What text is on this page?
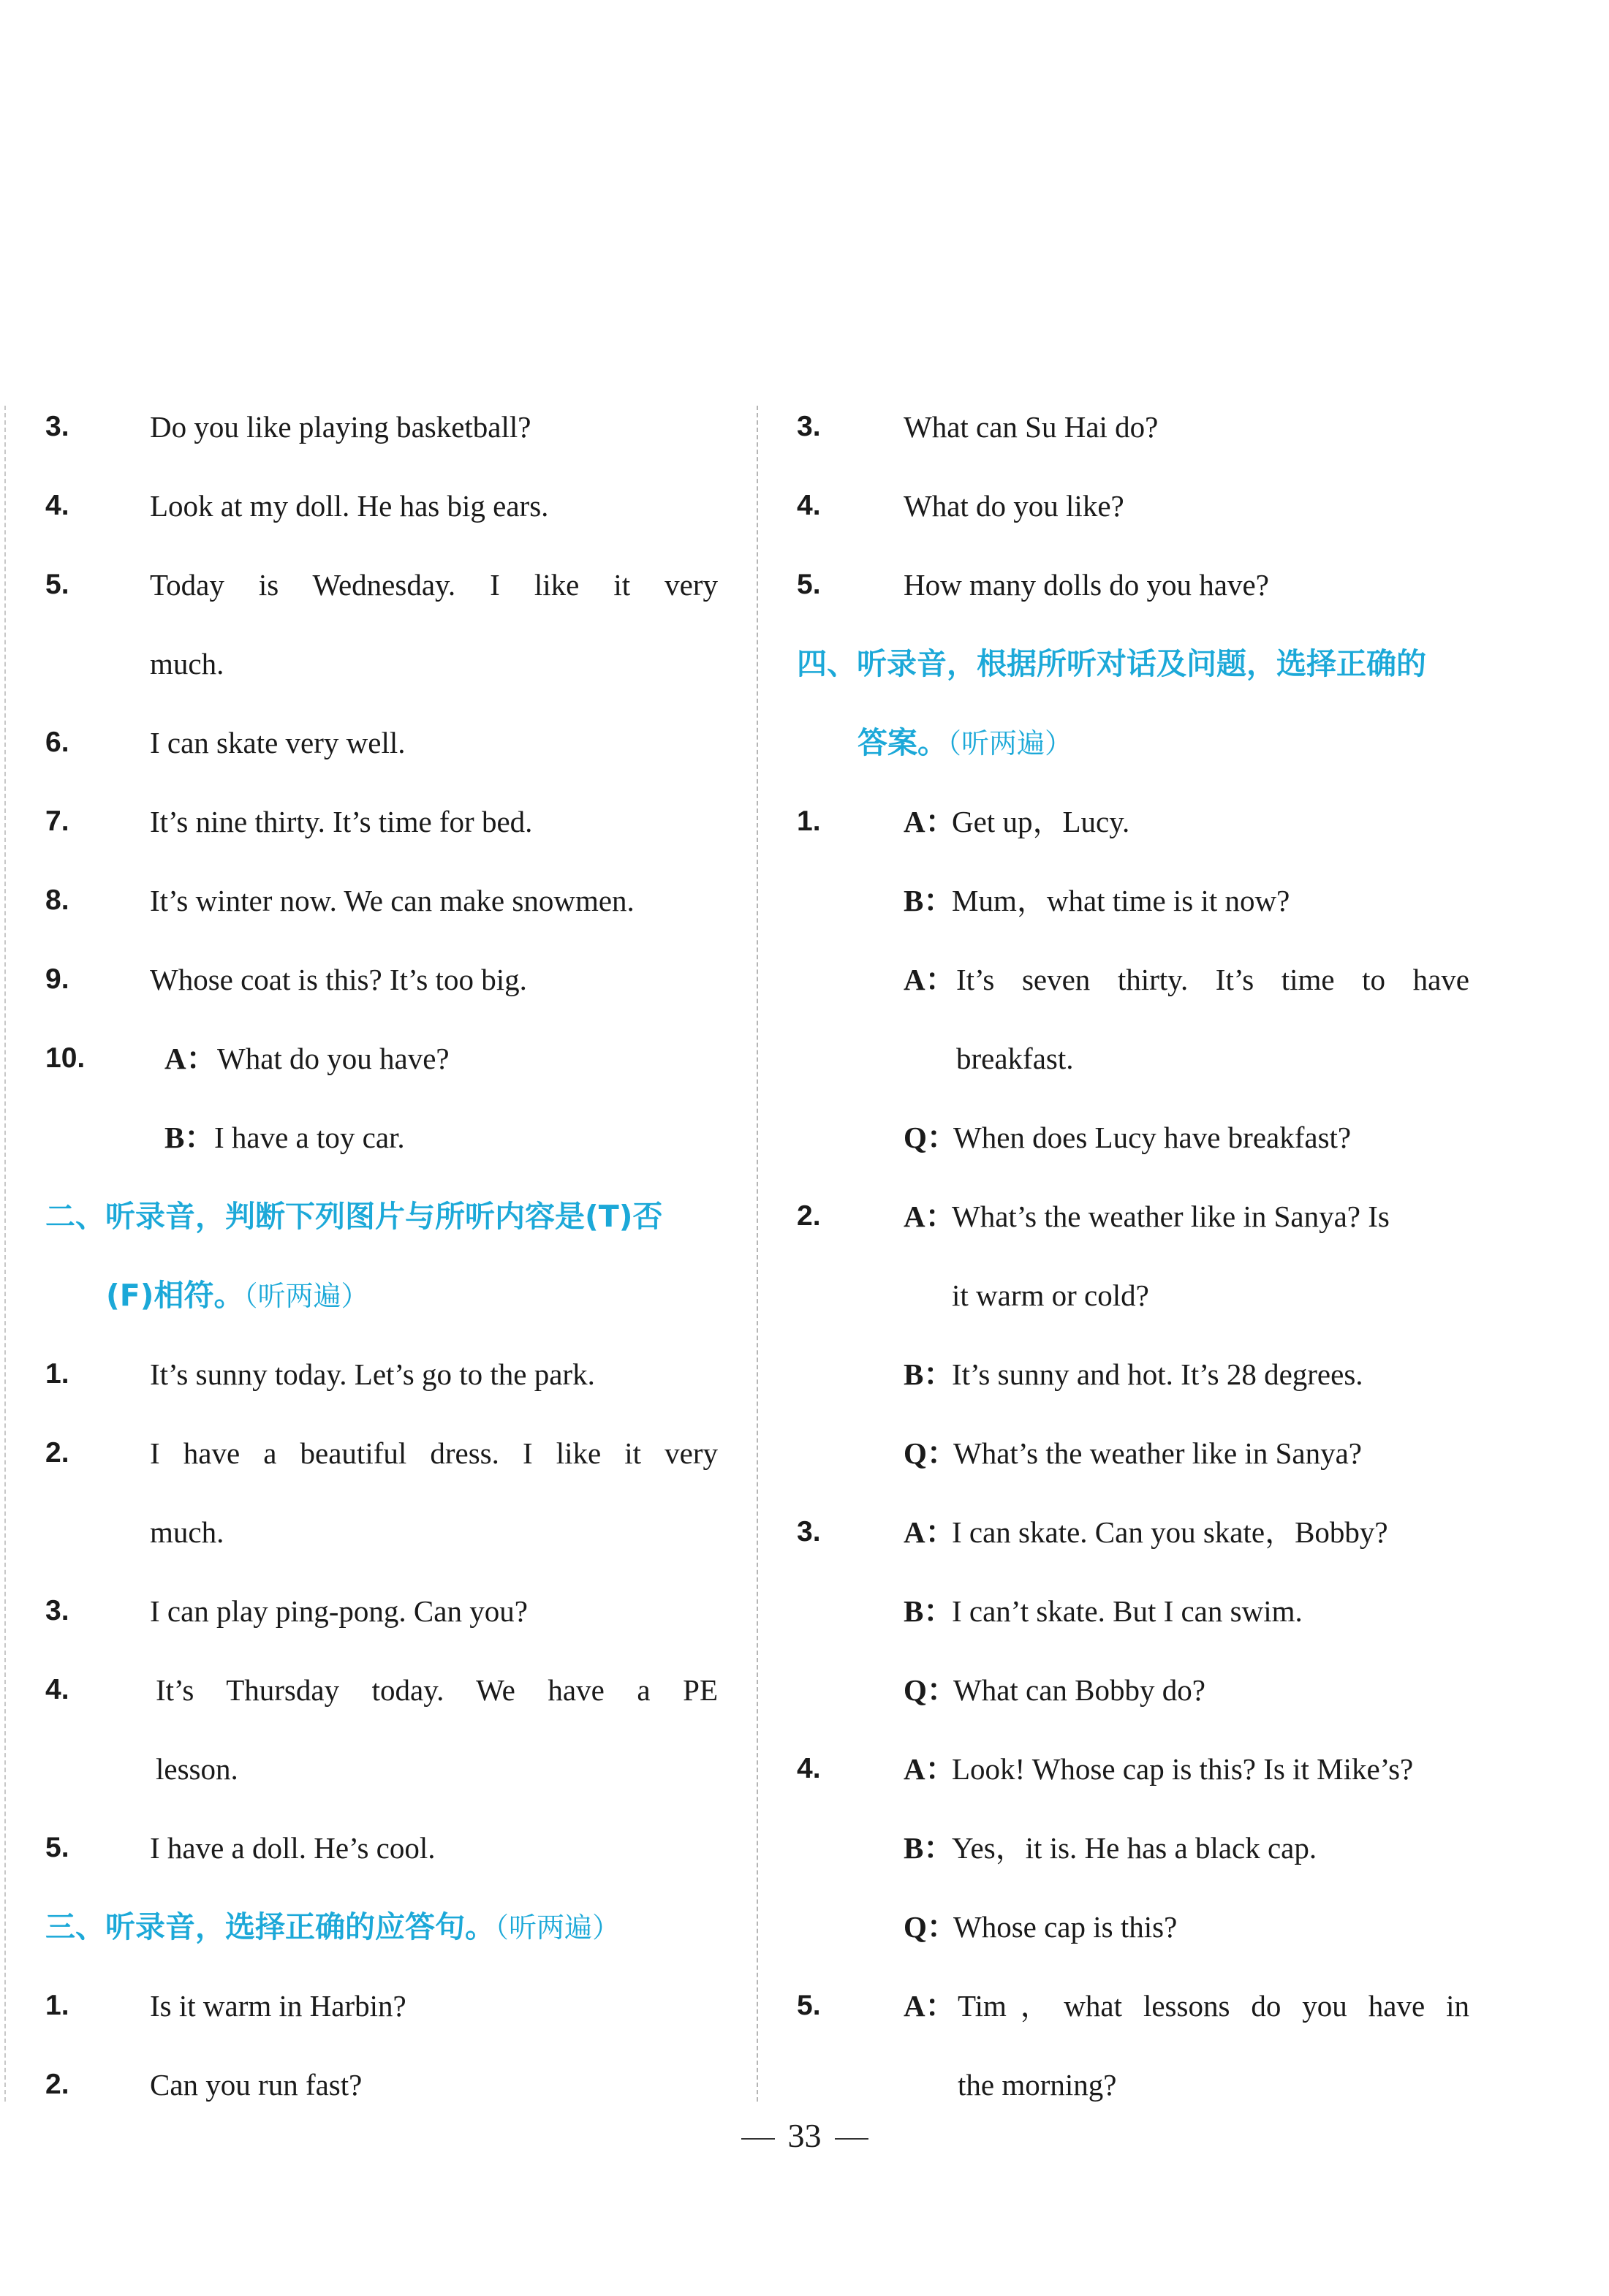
3.	Do you like playing basketball?
4.	Look at my doll. He has big ears.
5.	Today is Wednesday. I like it very
much.
6.	I can skate very well.
7.	It’s nine thirty. It’s time for bed.
8.	It’s winter now. We can make snowmen.
9.	Whose coat is this? It’s too big.
10.	A： What do you have?
B： I have a toy car.
二、听录音，判断下列图片与所听内容是(T)否
(F)相符。（听两遍）
1.	It’s sunny today. Let’s go to the park.
2.	I have a beautiful dress. I like it very
much.
3.	I can play ping-pong. Can you?
4.	It’s Thursday today. We have a PE
lesson.
5.	I have a doll. He’s cool.
三、听录音，选择正确的应答句。（听两遍）
1.	Is it warm in Harbin?
2.	Can you run fast?
3.	What can Su Hai do?
4.	What do you like?
5.	How many dolls do you have?
四、听录音，根据所听对话及问题，选择正确的
答案。（听两遍）
1.	A：
Get up，Lucy.
B：
Mum，what time is it now?
A： It’s seven thirty. It’s time to have
breakfast.
Q：
When does Lucy have breakfast?
2.	A：
What’s the weather like in Sanya? Is
it warm or cold?
B：
It’s sunny and hot. It’s 28 degrees.
Q：
What’s the weather like in Sanya?
3.	A：
I can skate. Can you skate，Bobby?
B：
I can’t skate. But I can swim.
Q：
What can Bobby do?
4.	A：
Look! Whose cap is this? Is it Mike’s?
B：
Yes，it is. He has a black cap.
Q：
Whose cap is this?
5.	A： Tim，what lessons do you have in
the morning?
33
